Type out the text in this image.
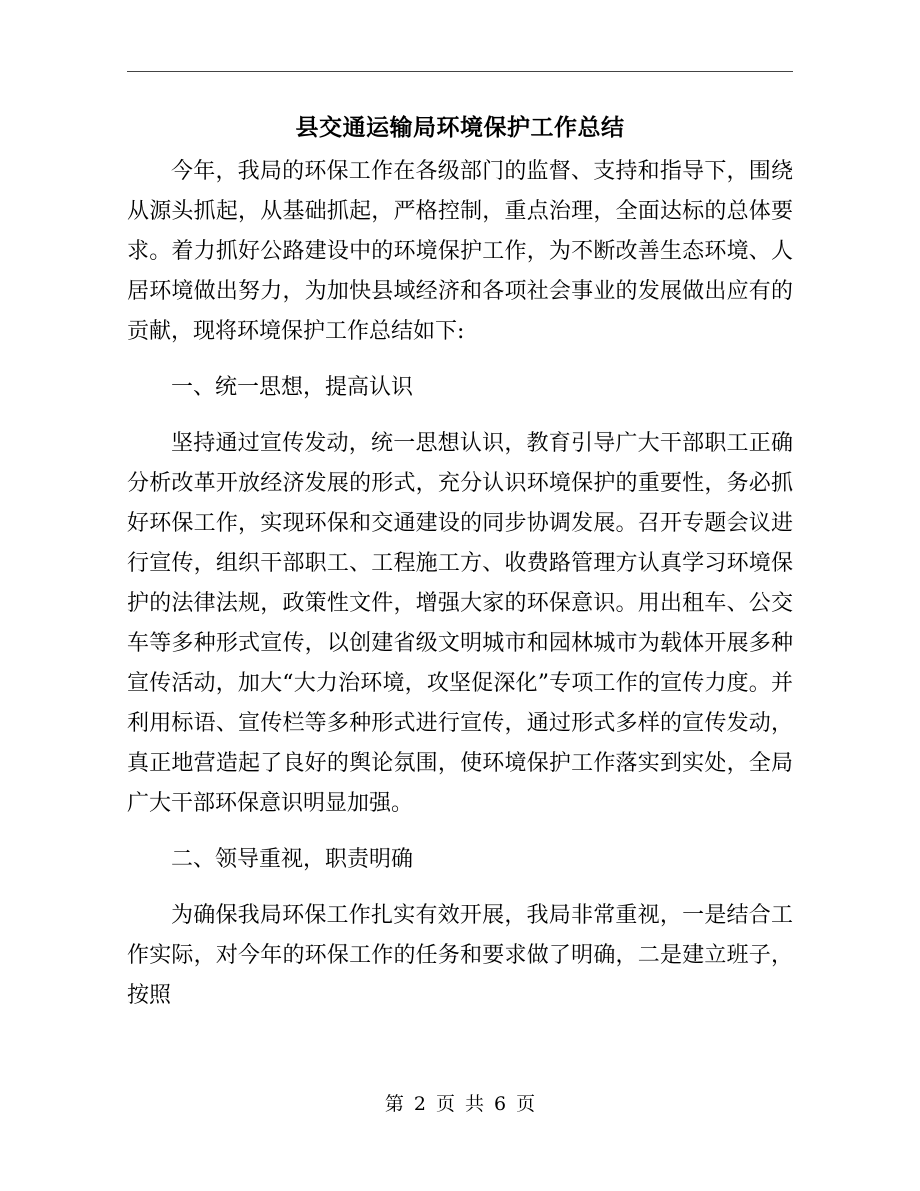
县交通运输局环境保护工作总结

今年，我局的环保工作在各级部门的监督、支持和指导下，围绕从源头抓起，从基础抓起，严格控制，重点治理，全面达标的总体要求。着力抓好公路建设中的环境保护工作，为不断改善生态环境、人居环境做出努力，为加快县域经济和各项社会事业的发展做出应有的贡献，现将环境保护工作总结如下:

一、统一思想，提高认识

坚持通过宣传发动，统一思想认识，教育引导广大干部职工正确分析改革开放经济发展的形式，充分认识环境保护的重要性，务必抓好环保工作，实现环保和交通建设的同步协调发展。召开专题会议进行宣传，组织干部职工、工程施工方、收费路管理方认真学习环境保护的法律法规，政策性文件，增强大家的环保意识。用出租车、公交车等多种形式宣传，以创建省级文明城市和园林城市为载体开展多种宣传活动，加大“大力治环境，攻坚促深化”专项工作的宣传力度。并利用标语、宣传栏等多种形式进行宣传，通过形式多样的宣传发动，真正地营造起了良好的舆论氛围，使环境保护工作落实到实处，全局广大干部环保意识明显加强。

二、领导重视，职责明确

为确保我局环保工作扎实有效开展，我局非常重视，一是结合工作实际，对今年的环保工作的任务和要求做了明确，二是建立班子，按照

第 2 页 共 6 页
